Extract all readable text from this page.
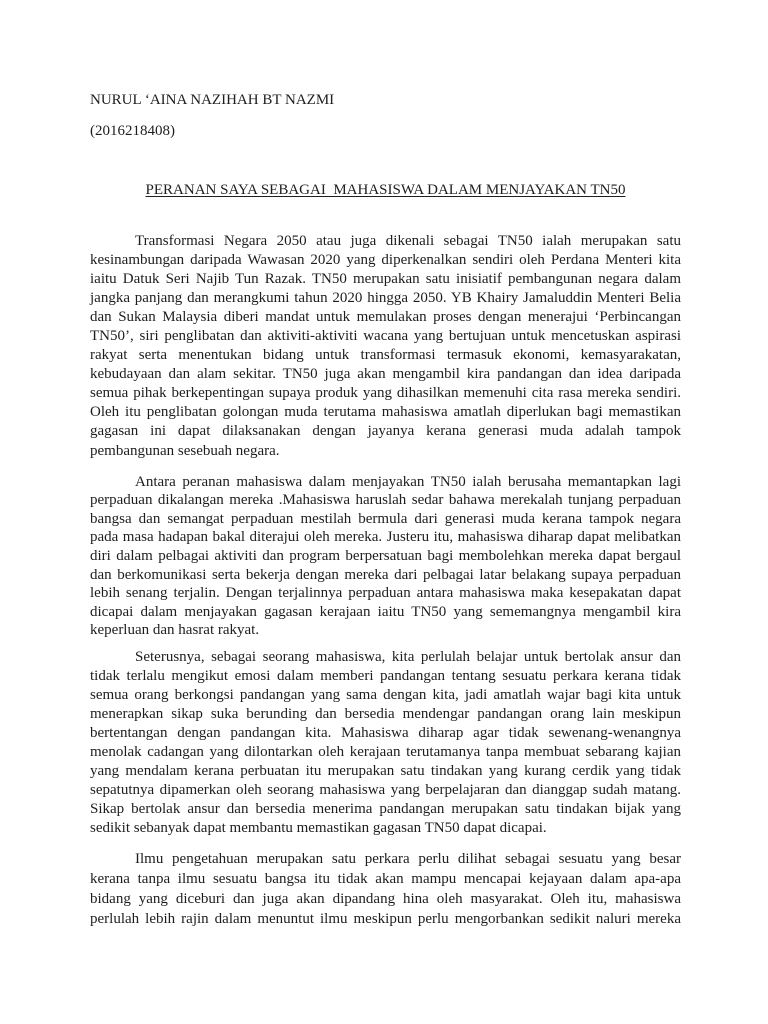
NURUL ‘AINA NAZIHAH BT NAZMI
(2016218408)
PERANAN SAYA SEBAGAI  MAHASISWA DALAM MENJAYAKAN TN50
Transformasi Negara 2050 atau juga dikenali sebagai TN50 ialah merupakan satu
kesinambungan daripada Wawasan 2020 yang diperkenalkan sendiri oleh Perdana Menteri kita
iaitu Datuk Seri Najib Tun Razak. TN50 merupakan satu inisiatif pembangunan negara dalam
jangka panjang dan merangkumi tahun 2020 hingga 2050. YB Khairy Jamaluddin Menteri Belia
dan Sukan Malaysia diberi mandat untuk memulakan proses dengan menerajui ‘Perbincangan
TN50’, siri penglibatan dan aktiviti-aktiviti wacana yang bertujuan untuk mencetuskan aspirasi
rakyat serta menentukan bidang untuk transformasi termasuk ekonomi, kemasyarakatan,
kebudayaan dan alam sekitar. TN50 juga akan mengambil kira pandangan dan idea daripada
semua pihak berkepentingan supaya produk yang dihasilkan memenuhi cita rasa mereka sendiri.
Oleh itu penglibatan golongan muda terutama mahasiswa amatlah diperlukan bagi memastikan
gagasan ini dapat dilaksanakan dengan jayanya kerana generasi muda adalah tampok
pembangunan sesebuah negara.
Antara peranan mahasiswa dalam menjayakan TN50 ialah berusaha memantapkan lagi
perpaduan dikalangan mereka .Mahasiswa haruslah sedar bahawa merekalah tunjang perpaduan
bangsa dan semangat perpaduan mestilah bermula dari generasi muda kerana tampok negara
pada masa hadapan bakal diterajui oleh mereka. Justeru itu, mahasiswa diharap dapat melibatkan
diri dalam pelbagai aktiviti dan program berpersatuan bagi membolehkan mereka dapat bergaul
dan berkomunikasi serta bekerja dengan mereka dari pelbagai latar belakang supaya perpaduan
lebih senang terjalin. Dengan terjalinnya perpaduan antara mahasiswa maka kesepakatan dapat
dicapai dalam menjayakan gagasan kerajaan iaitu TN50 yang sememangnya mengambil kira
keperluan dan hasrat rakyat.
Seterusnya, sebagai seorang mahasiswa, kita perlulah belajar untuk bertolak ansur dan
tidak terlalu mengikut emosi dalam memberi pandangan tentang sesuatu perkara kerana tidak
semua orang berkongsi pandangan yang sama dengan kita, jadi amatlah wajar bagi kita untuk
menerapkan sikap suka berunding dan bersedia mendengar pandangan orang lain meskipun
bertentangan dengan pandangan kita. Mahasiswa diharap agar tidak sewenang-wenangnya
menolak cadangan yang dilontarkan oleh kerajaan terutamanya tanpa membuat sebarang kajian
yang mendalam kerana perbuatan itu merupakan satu tindakan yang kurang cerdik yang tidak
sepatutnya dipamerkan oleh seorang mahasiswa yang berpelajaran dan dianggap sudah matang.
Sikap bertolak ansur dan bersedia menerima pandangan merupakan satu tindakan bijak yang
sedikit sebanyak dapat membantu memastikan gagasan TN50 dapat dicapai.
Ilmu pengetahuan merupakan satu perkara perlu dilihat sebagai sesuatu yang besar
kerana tanpa ilmu sesuatu bangsa itu tidak akan mampu mencapai kejayaan dalam apa-apa
bidang yang diceburi dan juga akan dipandang hina oleh masyarakat. Oleh itu, mahasiswa
perlulah lebih rajin dalam menuntut ilmu meskipun perlu mengorbankan sedikit naluri mereka
